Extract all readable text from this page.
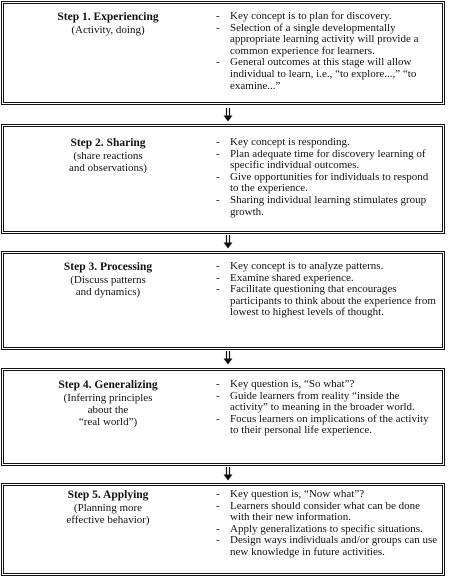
Step 1. Experiencing
(Activity, doing)
- Key concept is to plan for discovery.
- Selection of a single developmentally appropriate learning activity will provide a common experience for learners.
- General outcomes at this stage will allow individual to learn, i.e., “to explore...,” “to examine...”
Step 2. Sharing
(share reactions
and observations)
- Key concept is responding.
- Plan adequate time for discovery learning of specific individual outcomes.
- Give opportunities for individuals to respond to the experience.
- Sharing individual learning stimulates group growth.
Step 3. Processing
(Discuss patterns
and dynamics)
- Key concept is to analyze patterns.
- Examine shared experience.
- Facilitate questioning that encourages participants to think about the experience from lowest to highest levels of thought.
Step 4. Generalizing
(Inferring principles
about the
“real world”)
- Key question is, “So what”?
- Guide learners from reality “inside the activity” to meaning in the broader world.
- Focus learners on implications of the activity to their personal life experience.
Step 5. Applying
(Planning more
effective behavior)
- Key question is, “Now what”?
- Learners should consider what can be done with their new information.
- Apply generalizations to specific situations.
- Design ways individuals and/or groups can use new knowledge in future activities.
